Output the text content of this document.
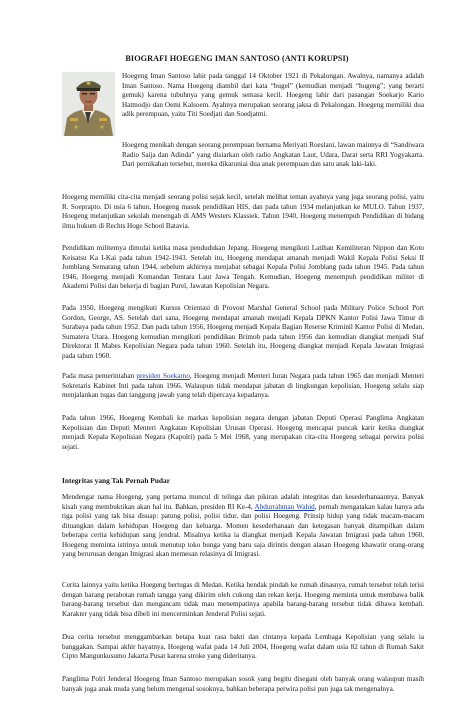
BIOGRAFI HOEGENG IMAN SANTOSO (ANTI KORUPSI)

Hoegeng Iman Santoso lahir pada tanggal 14 Oktober 1921 di Pekalongan. Awalnya, namanya adalah Iman Santoso. Nama Hoegeng diambil dari kata “bugel” (kemudian menjadi “hugeng”; yang berarti gemuk) karena tubuhnya yang gemuk semasa kecil. Hoegeng lahir dari pasangan Soekarjo Kario Hatmodjo dan Oemi Kalsoem. Ayahnya merupakan seorang jaksa di Pekalongan. Hoegeng memiliki dua adik perempuan, yaitu Titi Soedjati dan Soedjatmi.

Hoegeng menikah dengan seorang perempuan bernama Meriyati Roeslani, lawan mainnya di “Sandiwara Radio Saija dan Adinda” yang disiarkan oleh radio Angkatan Laut, Udara, Darat serta RRI Yogyakarta. Dari pernikahan tersebut, mereka dikaruniai dua anak perempuan dan satu anak laki-laki.

Hoegeng memiliki cita-cita menjadi seorang polisi sejak kecil, setelah melihat teman ayahnya yang juga seorang polisi, yaitu R. Soeprapto. Di usia 6 tahun, Hoegeng masuk pendidikan HIS, dan pada tahun 1934 melanjutkan ke MULO. Tahun 1937, Hoegeng melanjutkan sekolah menengah di AMS Westers Klassiek. Tahun 1940, Hoegeng menempuh Pendidikan di bidang ilmu hukum di Rechts Hoge School Batavia.

Pendidikan militernya dimulai ketika masa pendudukan Jepang. Hoegeng mengikuti Latihan Kemiliteran Nippon dan Koto Keisatsu Ka I-Kai pada tahun 1942-1943. Setelah itu, Hoegeng mendapat amanah menjadi Wakil Kepala Polisi Seksi II Jomblang Semarang tahun 1944, sebelum akhirnya menjabat sebagai Kepala Polisi Jomblang pada tahun 1945. Pada tahun 1946, Hoegeng menjadi Komandan Tentara Laut Jawa Tengah. Kemudian, Hoegeng menempuh pendidikan militer di Akademi Polisi dan bekerja di bagian Purel, Jawatan Kepolisian Negara.

Pada 1950, Hoegeng mengikuti Kursus Orientasi di Provost Marshal General School pada Military Police School Port Gordon, George, AS. Setelah dari sana, Hoegeng mendapat amanah menjadi Kepala DPKN Kantor Polisi Jawa Timur di Surabaya pada tahun 1952. Dan pada tahun 1956, Hoegeng menjadi Kepala Bagian Reserse Kriminil Kantor Polisi di Medan, Sumatera Utara. Hoegeng kemudian mengikuti pendidikan Brimob pada tahun 1956 dan kemudian diangkat menjadi Staf Direktorat II Mabes Kepolisian Negara pada tahun 1960. Setelah itu, Hoegeng diangkat menjadi Kepala Jawatan Imigrasi pada tahun 1960.

Pada masa pemerintahan presiden Soekarno, Hoegeng menjadi Menteri Iuran Negara pada tahun 1965 dan menjadi Menteri Sekretaris Kabinet Inti pada tahun 1966. Walaupun tidak mendapat jabatan di lingkungan kepolisian, Hoegeng selalu siap menjalankan tugas dan tanggung jawab yang telah dipercaya kepadanya.

Pada tahun 1966, Hoegeng Kembali ke markas kepolisian negara dengan jabatan Deputi Operasi Panglima Angkatan Kepolisian dan Deputi Menteri Angkatan Kepolisian Urusan Operasi. Hoegeng mencapai puncak karir ketika diangkat menjadi Kepala Kepolisian Negara (Kapolri) pada 5 Mei 1968, yang merupakan cita-cita Hoegeng sebagai perwira polisi sejati.

Integritas yang Tak Pernah Pudar

Mendengar nama Hoegeng, yang pertama muncul di telinga dan pikiran adalah integritas dan kesederhanaannya. Banyak kisah yang membuktikan akan hal itu. Bahkan, presiden RI Ke-4, Abdurrahman Wahid, pernah mengatakan kalau hanya ada tiga polisi yang tak bisa disuap: patung polisi, polisi tidur, dan polisi Hoegeng. Prinsip hidup yang tidak macam-macam dituangkan dalam kehidupan Hoegeng dan keluarga. Momen kesederhanaan dan ketegasan banyak ditampilkan dalam beberapa cerita kehidupan sang jendral. Misalnya ketika ia diangkat menjadi Kepala Jawatan Imigrasi pada tahun 1960, Hoegeng meminta istrinya untuk menutup toko bunga yang baru saja dirintis dengan alasan Hoegeng khawatir orang-orang yang berurusan dengan Imigrasi akan memesan relasinya di Imigrasi.

Cerita lainnya yaitu ketika Hoegeng bertugas di Medan. Ketika hendak pindah ke rumah dinasnya, rumah tersebut telah terisi dengan barang perabotan rumah tangga yang dikirim oleh cukong dan rekan kerja. Hoegeng meminta untuk membawa balik barang-barang tersebut dan mengancam tidak mau menempatinya apabila barang-barang tersebut tidak dibawa kembali. Karakter yang tidak bisa dibeli ini mencerminkan Jenderal Polisi sejati.

Dua cerita tersebut menggambarkan betapa kuat rasa bakti dan cintanya kepada Lembaga Kepolisian yang selalu ia banggakan. Sampai akhir hayatnya, Hoegeng wafat pada 14 Juli 2004, Hoegeng wafat dalam usia 82 tahun di Rumah Sakit Cipto Mangunkusumo Jakarta Pusat karena stroke yang dideritanya.

Panglima Polri Jenderal Hoegeng Iman Santoso merupakan sosok yang begitu disegani oleh banyak orang walaupun masih banyak juga anak muda yang belum mengenal sosoknya, bahkan beberapa perwira polisi pun juga tak mengenalnya.
